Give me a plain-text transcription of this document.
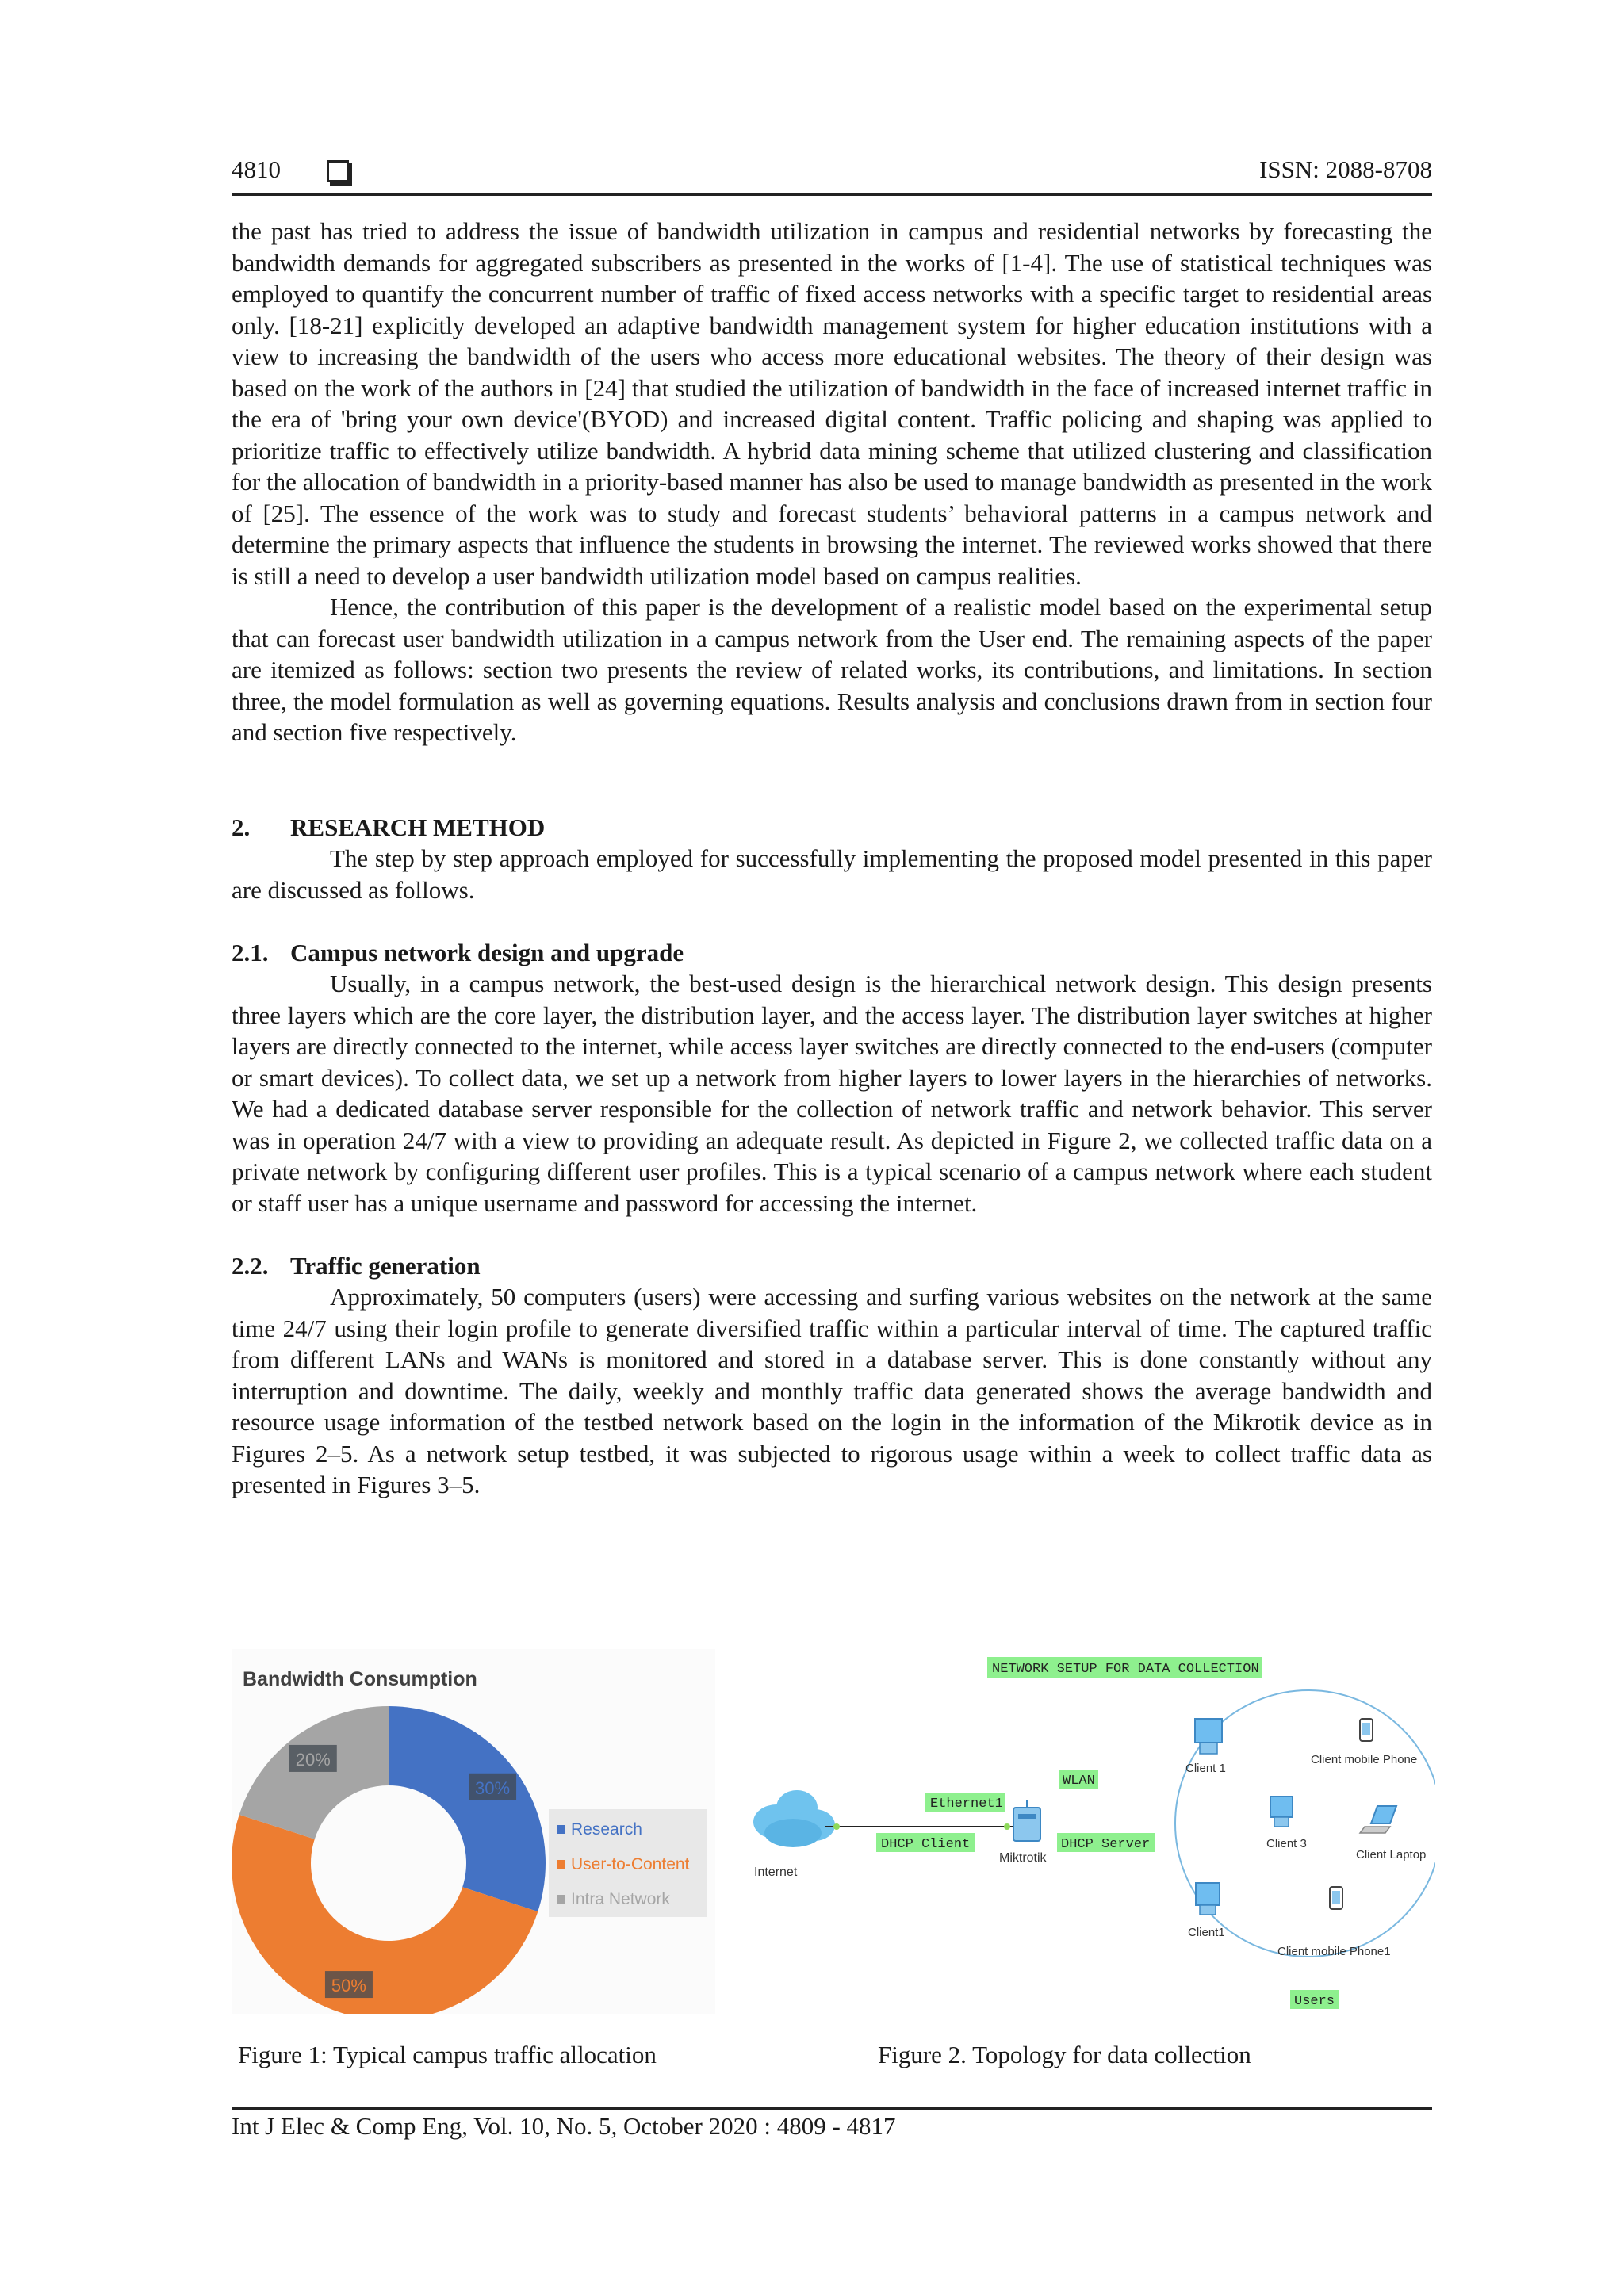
4810	ISSN: 2088-8708

the past has tried to address the issue of bandwidth utilization in campus and residential networks by forecasting the bandwidth demands for aggregated subscribers as presented in the works of [1-4]. The use of statistical techniques was employed to quantify the concurrent number of traffic of fixed access networks with a specific target to residential areas only. [18-21] explicitly developed an adaptive bandwidth management system for higher education institutions with a view to increasing the bandwidth of the users who access more educational websites. The theory of their design was based on the work of the authors in [24] that studied the utilization of bandwidth in the face of increased internet traffic in the era of 'bring your own device'(BYOD) and increased digital content. Traffic policing and shaping was applied to prioritize traffic to effectively utilize bandwidth. A hybrid data mining scheme that utilized clustering and classification for the allocation of bandwidth in a priority-based manner has also be used to manage bandwidth as presented in the work of [25]. The essence of the work was to study and forecast students’ behavioral patterns in a campus network and determine the primary aspects that influence the students in browsing the internet. The reviewed works showed that there is still a need to develop a user bandwidth utilization model based on campus realities.

Hence, the contribution of this paper is the development of a realistic model based on the experimental setup that can forecast user bandwidth utilization in a campus network from the User end. The remaining aspects of the paper are itemized as follows: section two presents the review of related works, its contributions, and limitations. In section three, the model formulation as well as governing equations. Results analysis and conclusions drawn from in section four and section five respectively.

2. RESEARCH METHOD

The step by step approach employed for successfully implementing the proposed model presented in this paper are discussed as follows.

2.1. Campus network design and upgrade

Usually, in a campus network, the best-used design is the hierarchical network design. This design presents three layers which are the core layer, the distribution layer, and the access layer. The distribution layer switches at higher layers are directly connected to the internet, while access layer switches are directly connected to the end-users (computer or smart devices). To collect data, we set up a network from higher layers to lower layers in the hierarchies of networks. We had a dedicated database server responsible for the collection of network traffic and network behavior. This server was in operation 24/7 with a view to providing an adequate result. As depicted in Figure 2, we collected traffic data on a private network by configuring different user profiles. This is a typical scenario of a campus network where each student or staff user has a unique username and password for accessing the internet.

2.2. Traffic generation

Approximately, 50 computers (users) were accessing and surfing various websites on the network at the same time 24/7 using their login profile to generate diversified traffic within a particular interval of time. The captured traffic from different LANs and WANs is monitored and stored in a database server. This is done constantly without any interruption and downtime. The daily, weekly and monthly traffic data generated shows the average bandwidth and resource usage information of the testbed network based on the login in the information of the Mikrotik device as in Figures 2–5. As a network setup testbed, it was subjected to rigorous usage within a week to collect traffic data as presented in Figures 3–5.

Bandwidth Consumption
30%
50%
20%
Research
User-to-Content
Intra Network
NETWORK SETUP FOR DATA COLLECTION
Internet
Ethernet1
DHCP Client
Miktrotik
WLAN
DHCP Server
Client 1
Client mobile Phone
Client 3
Client Laptop
Client1
Client mobile Phone1
Users
Figure 1: Typical campus traffic allocation	Figure 2. Topology for data collection
Int J Elec & Comp Eng, Vol. 10, No. 5, October 2020 : 4809 - 4817
